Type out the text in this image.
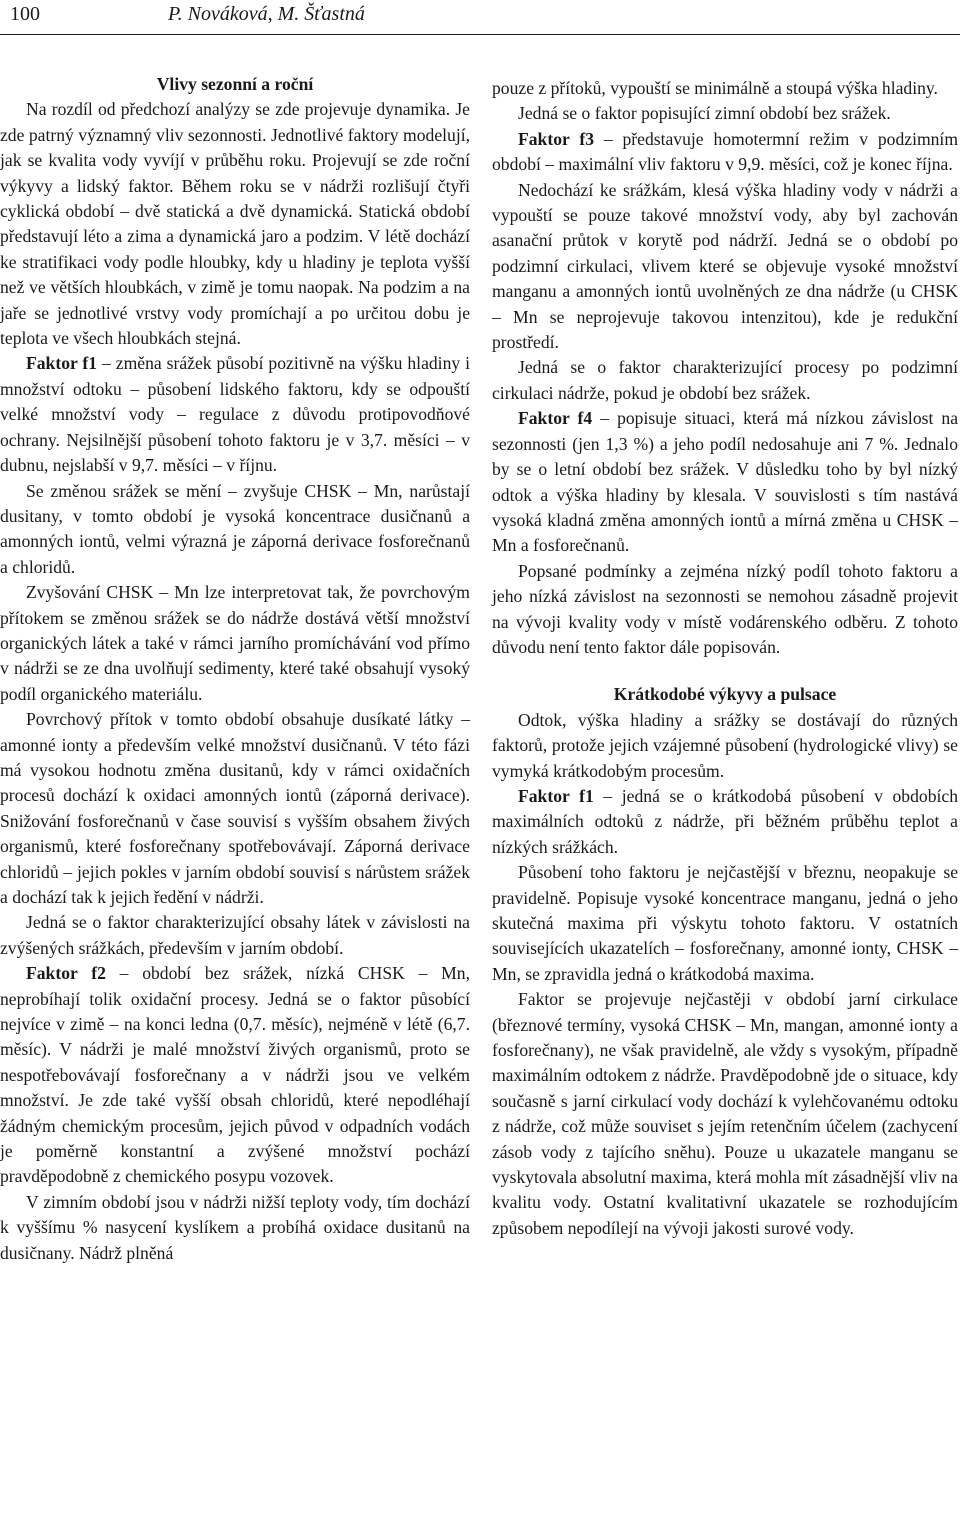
100	P. Nováková, M. Šťastná
Vlivy sezonní a roční

Na rozdíl od předchozí analýzy se zde projevuje dynamika. Je zde patrný významný vliv sezonnosti. Jednotlivé faktory modelují, jak se kvalita vody vyvíjí v průběhu roku. Projevují se zde roční výkyvy a lidský faktor. Během roku se v nádrži rozlišují čtyři cyklická období – dvě statická a dvě dynamická. Statická období představují léto a zima a dynamická jaro a podzim. V létě dochází ke stratifikaci vody podle hloubky, kdy u hladiny je teplota vyšší než ve větších hloubkách, v zimě je tomu naopak. Na podzim a na jaře se jednotlivé vrstvy vody promíchají a po určitou dobu je teplota ve všech hloubkách stejná.

Faktor f1 – změna srážek působí pozitivně na výšku hladiny i množství odtoku – působení lidského faktoru, kdy se odpouští velké množství vody – regulace z důvodu protipovodňové ochrany. Nejsilnější působení tohoto faktoru je v 3,7. měsíci – v dubnu, nejslabší v 9,7. měsíci – v říjnu.

Se změnou srážek se mění – zvyšuje CHSK – Mn, narůstají dusitany, v tomto období je vysoká koncentrace dusičnanů a amonných iontů, velmi výrazná je záporná derivace fosforečnanů a chloridů.

Zvyšování CHSK – Mn lze interpretovat tak, že povrchovým přítokem se změnou srážek se do nádrže dostává větší množství organických látek a také v rámci jarního promíchávání vod přímo v nádrži se ze dna uvolňují sedimenty, které také obsahují vysoký podíl organického materiálu.

Povrchový přítok v tomto období obsahuje dusíkaté látky – amonné ionty a především velké množství dusičnanů. V této fázi má vysokou hodnotu změna dusitanů, kdy v rámci oxidačních procesů dochází k oxidaci amonných iontů (záporná derivace). Snižování fosforečnanů v čase souvisí s vyšším obsahem živých organismů, které fosforečnany spotřebovávají. Záporná derivace chloridů – jejich pokles v jarním období souvisí s nárůstem srážek a dochází tak k jejich ředění v nádrži.

Jedná se o faktor charakterizující obsahy látek v závislosti na zvýšených srážkách, především v jarním období.

Faktor f2 – období bez srážek, nízká CHSK – Mn, neprobíhají tolik oxidační procesy. Jedná se o faktor působící nejvíce v zimě – na konci ledna (0,7. měsíc), nejméně v létě (6,7. měsíc). V nádrži je malé množství živých organismů, proto se nespotřebovávají fosforečnany a v nádrži jsou ve velkém množství. Je zde také vyšší obsah chloridů, které nepodléhají žádným chemickým procesům, jejich původ v odpadních vodách je poměrně konstantní a zvýšené množství pochází pravděpodobně z chemického posypu vozovek.

V zimním období jsou v nádrži nižší teploty vody, tím dochází k vyššímu % nasycení kyslíkem a probíhá oxidace dusitanů na dusičnany. Nádrž plněná

pouze z přítoků, vypouští se minimálně a stoupá výška hladiny.

Jedná se o faktor popisující zimní období bez srážek.

Faktor f3 – představuje homotermní režim v podzimním období – maximální vliv faktoru v 9,9. měsíci, což je konec října.

Nedochází ke srážkám, klesá výška hladiny vody v nádrži a vypouští se pouze takové množství vody, aby byl zachován asanační průtok v korytě pod nádrží. Jedná se o období po podzimní cirkulaci, vlivem které se objevuje vysoké množství manganu a amonných iontů uvolněných ze dna nádrže (u CHSK – Mn se neprojevuje takovou intenzitou), kde je redukční prostředí.

Jedná se o faktor charakterizující procesy po podzimní cirkulaci nádrže, pokud je období bez srážek.

Faktor f4 – popisuje situaci, která má nízkou závislost na sezonnosti (jen 1,3 %) a jeho podíl nedosahuje ani 7 %. Jednalo by se o letní období bez srážek. V důsledku toho by byl nízký odtok a výška hladiny by klesala. V souvislosti s tím nastává vysoká kladná změna amonných iontů a mírná změna u CHSK – Mn a fosforečnanů.

Popsané podmínky a zejména nízký podíl tohoto faktoru a jeho nízká závislost na sezonnosti se nemohou zásadně projevit na vývoji kvality vody v místě vodárenského odběru. Z tohoto důvodu není tento faktor dále popisován.

Krátkodobé výkyvy a pulsace

Odtok, výška hladiny a srážky se dostávají do různých faktorů, protože jejich vzájemné působení (hydrologické vlivy) se vymyká krátkodobým procesům.

Faktor f1 – jedná se o krátkodobá působení v obdobích maximálních odtoků z nádrže, při běžném průběhu teplot a nízkých srážkách.

Působení toho faktoru je nejčastější v březnu, neopakuje se pravidelně. Popisuje vysoké koncentrace manganu, jedná o jeho skutečná maxima při výskytu tohoto faktoru. V ostatních souvisejících ukazatelích – fosforečnany, amonné ionty, CHSK – Mn, se zpravidla jedná o krátkodobá maxima.

Faktor se projevuje nejčastěji v období jarní cirkulace (březnové termíny, vysoká CHSK – Mn, mangan, amonné ionty a fosforečnany), ne však pravidelně, ale vždy s vysokým, případně maximálním odtokem z nádrže. Pravděpodobně jde o situace, kdy současně s jarní cirkulací vody dochází k vylehčovanému odtoku z nádrže, což může souviset s jejím retenčním účelem (zachycení zásob vody z tajícího sněhu). Pouze u ukazatele manganu se vyskytovala absolutní maxima, která mohla mít zásadnější vliv na kvalitu vody. Ostatní kvalitativní ukazatele se rozhodujícím způsobem nepodílejí na vývoji jakosti surové vody.
